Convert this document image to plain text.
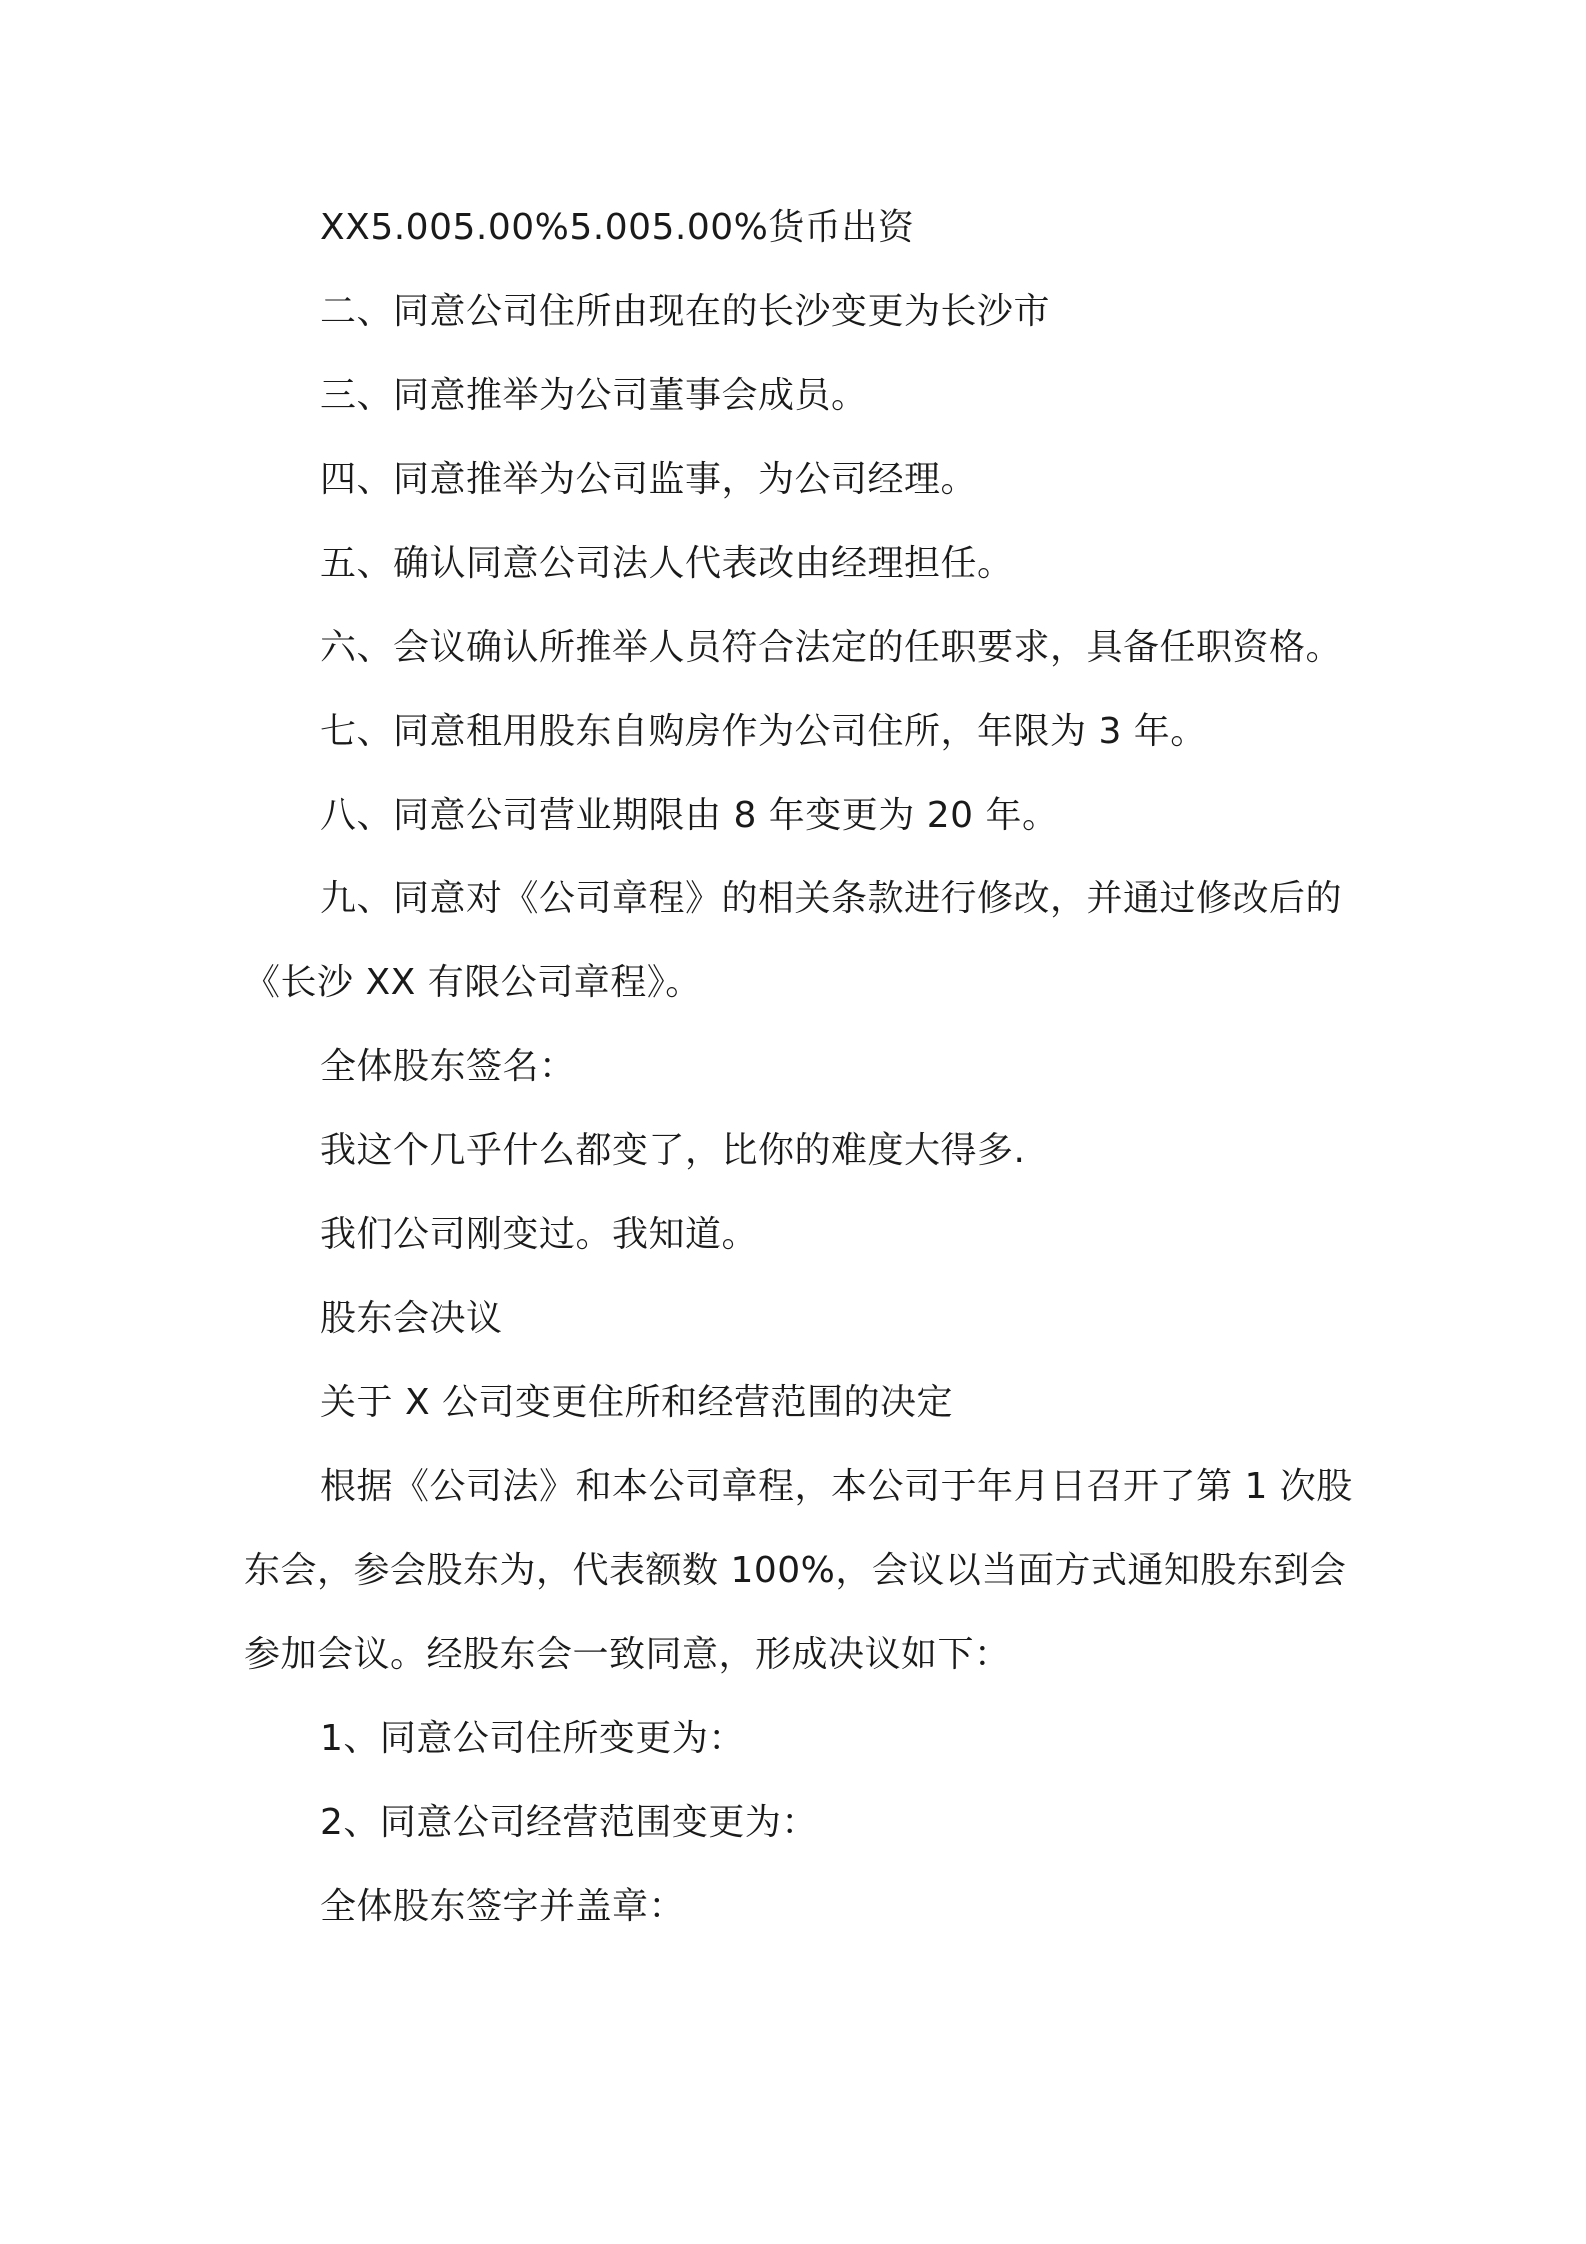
XX5.005.00%5.005.00%货币出资
二、同意公司住所由现在的长沙变更为长沙市
三、同意推举为公司董事会成员。
四、同意推举为公司监事，为公司经理。
五、确认同意公司法人代表改由经理担任。
六、会议确认所推举人员符合法定的任职要求，具备任职资格。
七、同意租用股东自购房作为公司住所，年限为 3 年。
八、同意公司营业期限由 8 年变更为 20 年。
九、同意对《公司章程》的相关条款进行修改，并通过修改后的
《长沙 XX 有限公司章程》。
全体股东签名：
我这个几乎什么都变了，比你的难度大得多.
我们公司刚变过。我知道。
股东会决议
关于 X 公司变更住所和经营范围的决定
根据《公司法》和本公司章程，本公司于年月日召开了第 1 次股
东会，参会股东为，代表额数 100%，会议以当面方式通知股东到会
参加会议。经股东会一致同意，形成决议如下：
1、同意公司住所变更为：
2、同意公司经营范围变更为：
全体股东签字并盖章：
